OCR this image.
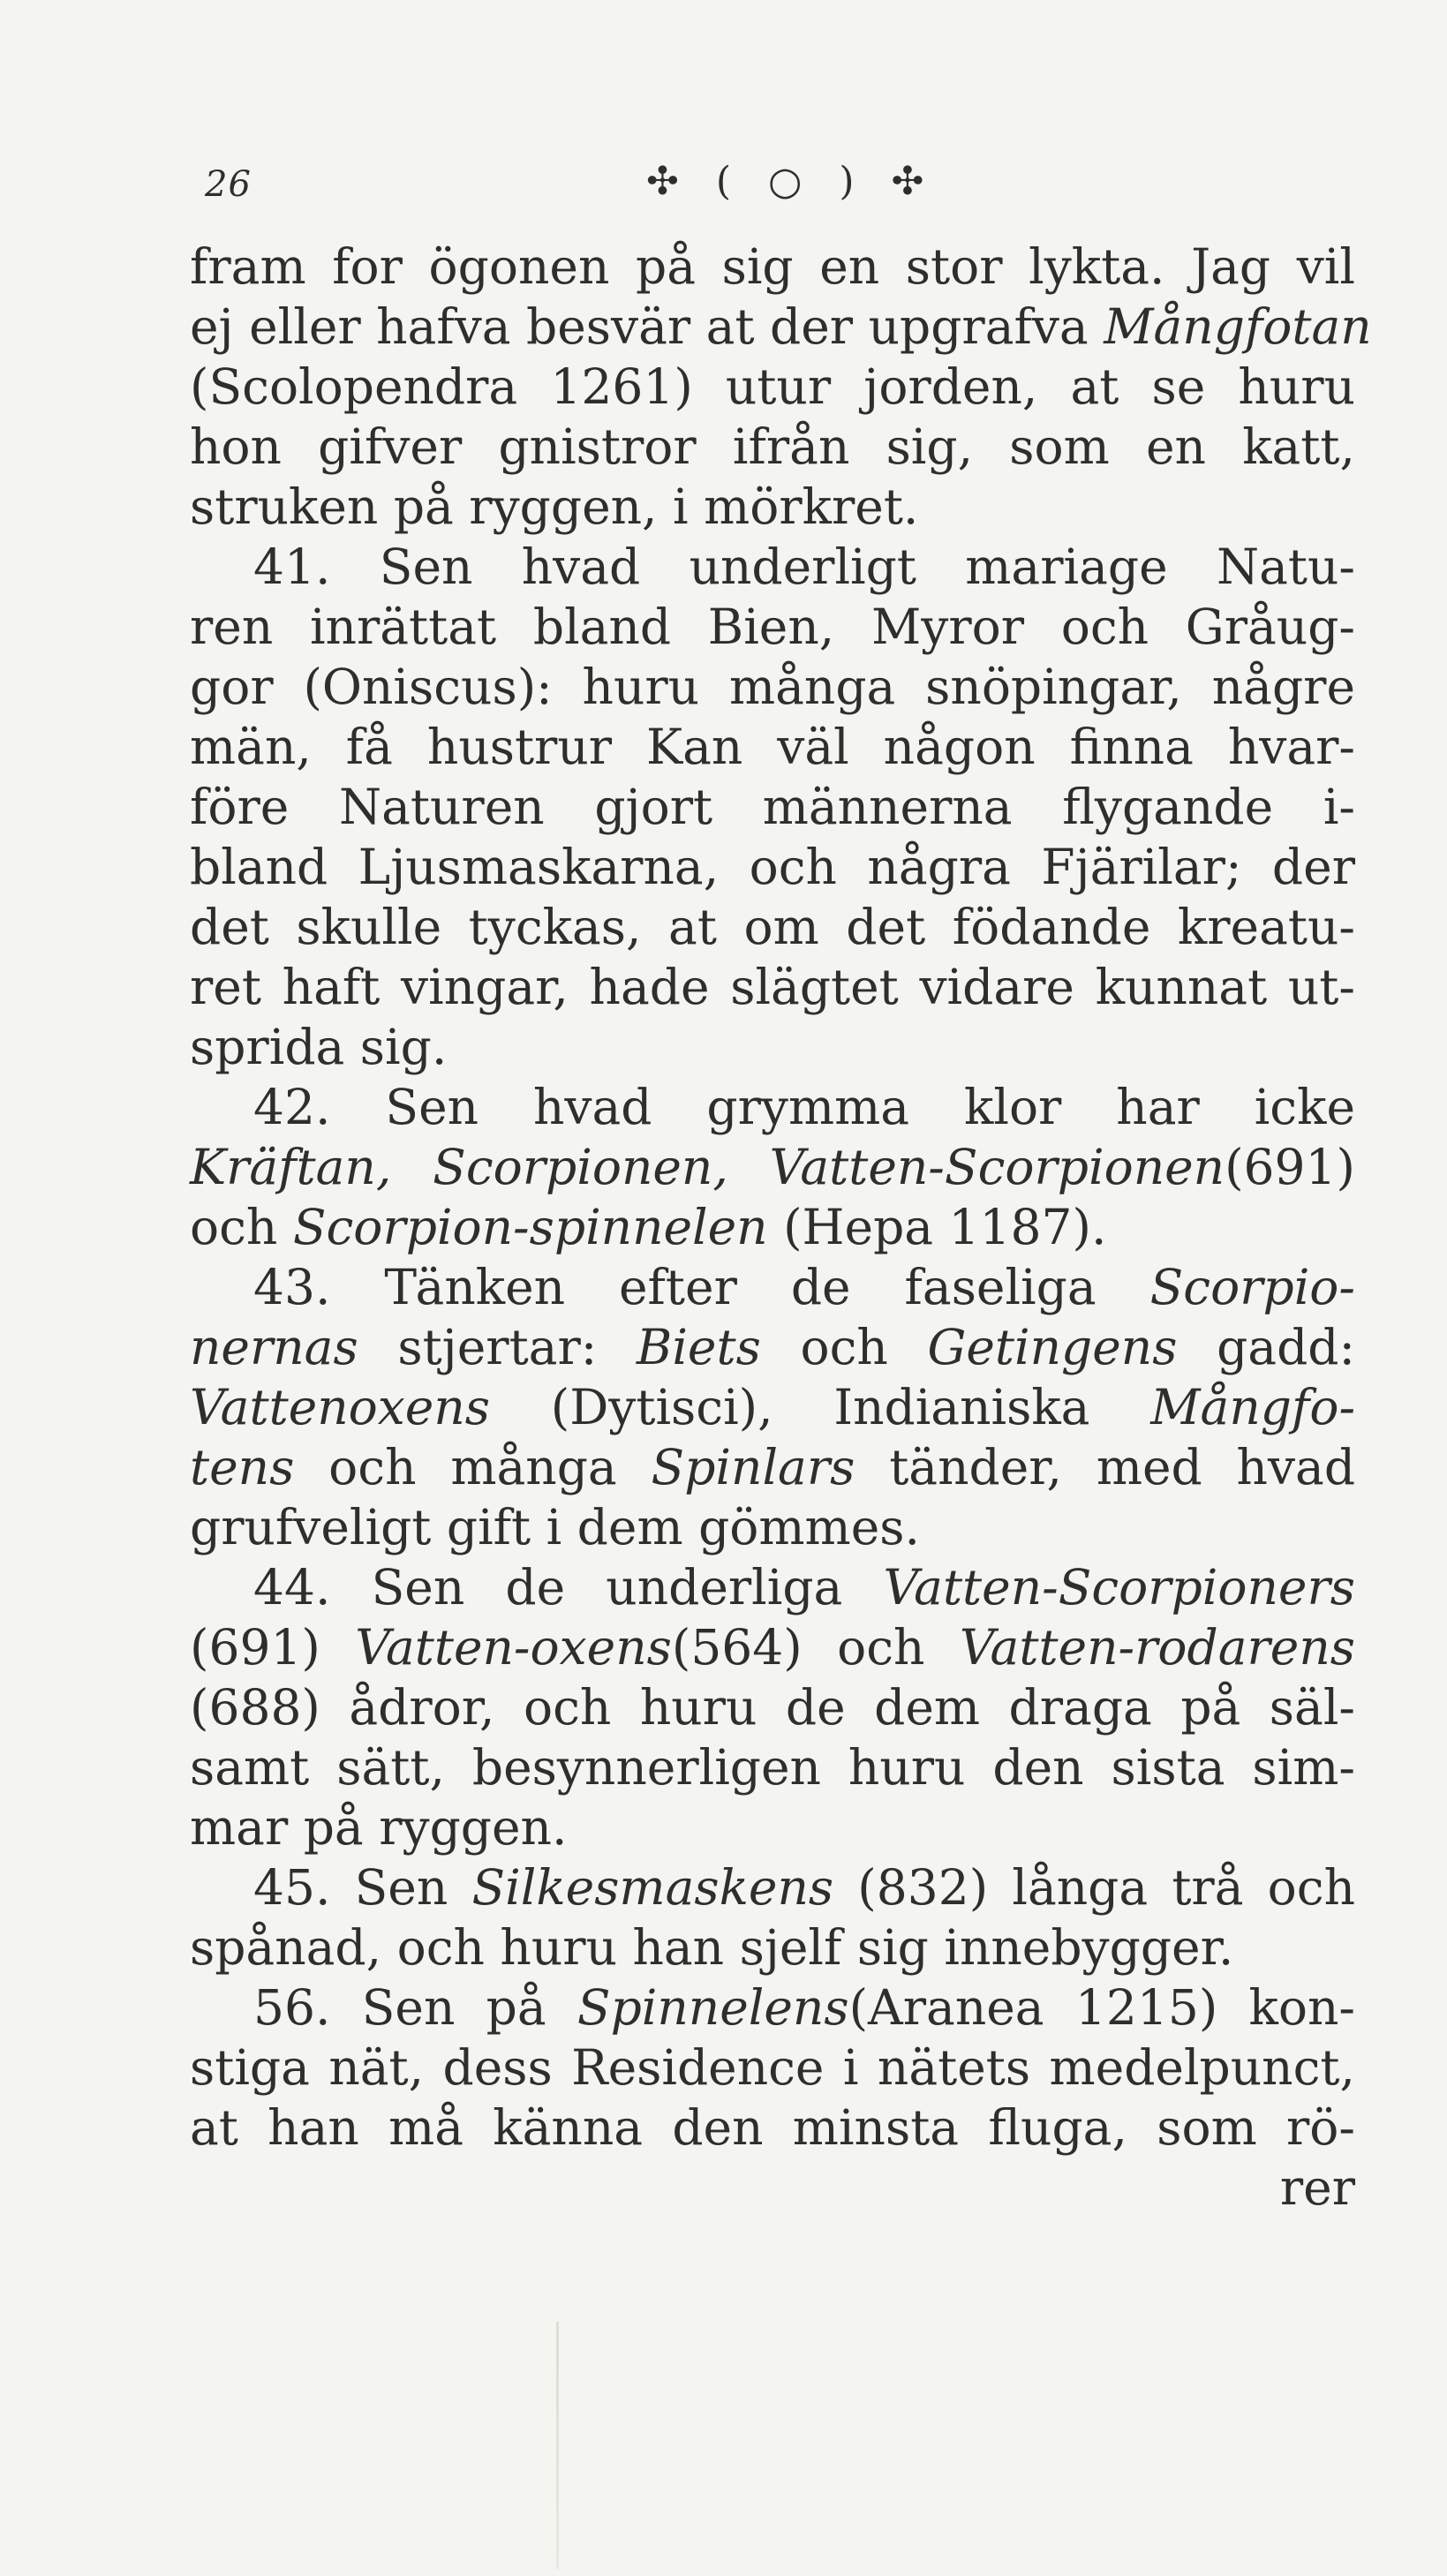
26	✣ ( ○ ) ✣
fram for ögonen på sig en stor lykta. Jag vil
ej eller hafva besvär at der upgrafva Mångfotan
(Scolopendra 1261) utur jorden, at se huru
hon gifver gnistror ifrån sig, som en katt,
struken på ryggen, i mörkret.
41. Sen hvad underligt mariage Natu-
ren inrättat bland Bien, Myror och Gråug-
gor (Oniscus): huru många snöpingar, någre
män, få hustrur Kan väl någon finna hvar-
före Naturen gjort männerna flygande i-
bland Ljusmaskarna, och några Fjärilar; der
det skulle tyckas, at om det födande kreatu-
ret haft vingar, hade slägtet vidare kunnat ut-
sprida sig.
42. Sen hvad grymma klor har icke
Kräftan, Scorpionen, Vatten-Scorpionen(691)
och Scorpion-spinnelen (Hepa 1187).
43. Tänken efter de faseliga Scorpio-
nernas stjertar: Biets och Getingens gadd:
Vattenoxens (Dytisci), Indianiska Mångfo-
tens och många Spinlars tänder, med hvad
grufveligt gift i dem gömmes.
44. Sen de underliga Vatten-Scorpioners
(691) Vatten-oxens(564) och Vatten-rodarens
(688) ådror, och huru de dem draga på säl-
samt sätt, besynnerligen huru den sista sim-
mar på ryggen.
45. Sen Silkesmaskens (832) långa trå och
spånad, och huru han sjelf sig innebygger.
56. Sen på Spinnelens(Aranea 1215) kon-
stiga nät, dess Residence i nätets medelpunct,
at han må känna den minsta fluga, som rö-
rer
